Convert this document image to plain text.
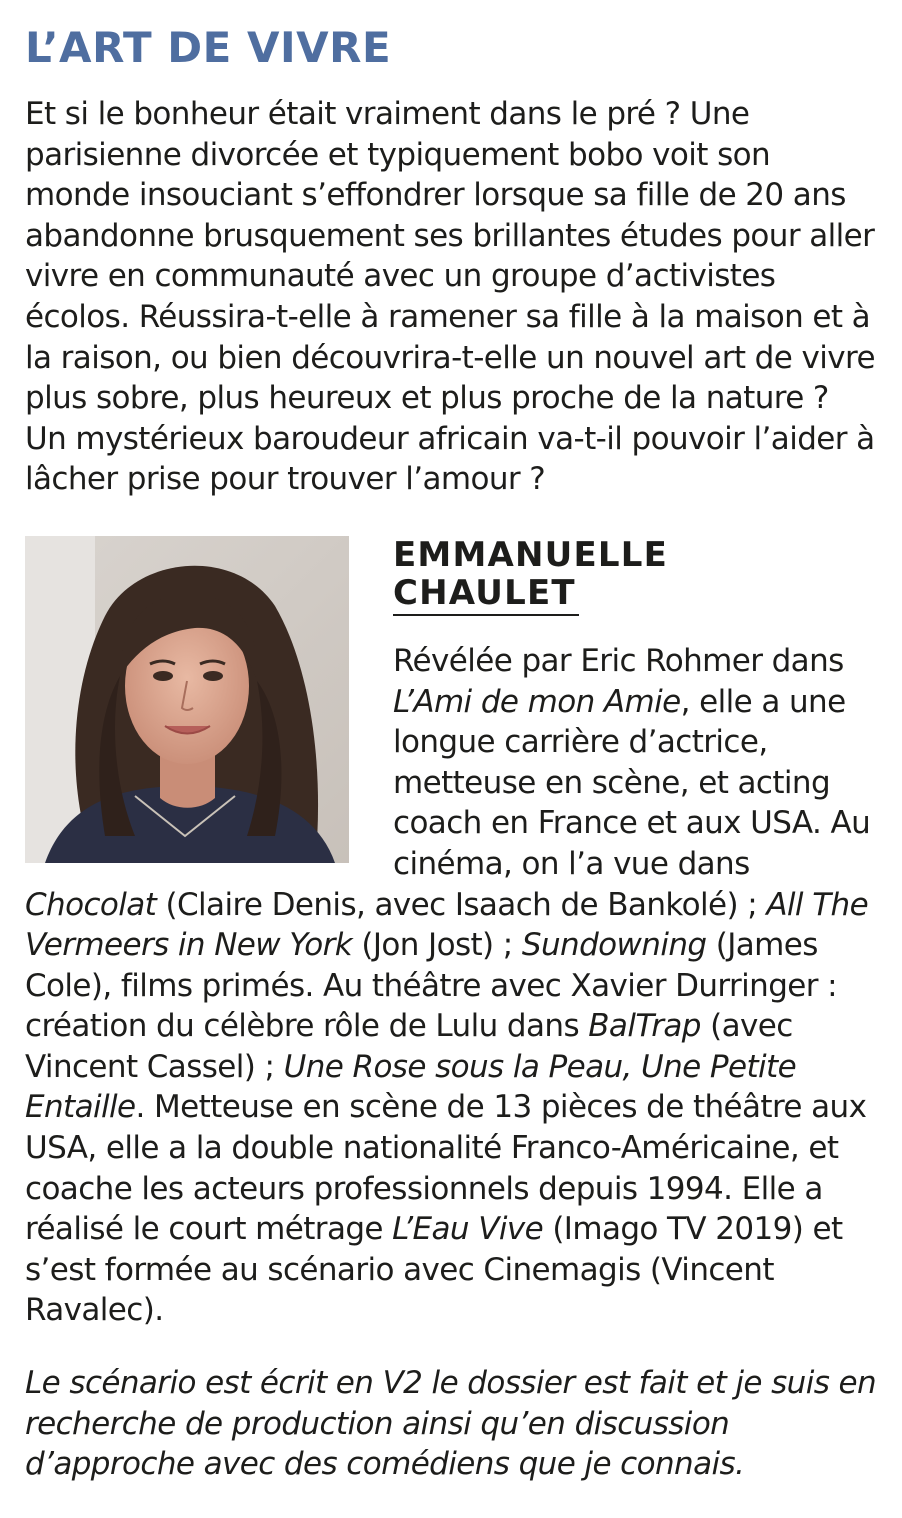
L’ART DE VIVRE

Et si le bonheur était vraiment dans le pré ? Une parisienne divorcée et typiquement bobo voit son monde insouciant s’effondrer lorsque sa fille de 20 ans abandonne brusquement ses brillantes études pour aller vivre en communauté avec un groupe d’activistes écolos. Réussira-t-elle à ramener sa fille à la maison et à la raison, ou bien découvrira-t-elle un nouvel art de vivre plus sobre, plus heureux et plus proche de la nature ? Un mystérieux baroudeur africain va-t-il pouvoir l’aider à lâcher prise pour trouver l’amour ?

EMMANUELLE
CHAULET

Révélée par Eric Rohmer dans L’Ami de mon Amie, elle a une longue carrière d’actrice, metteuse en scène, et acting coach en France et aux USA. Au cinéma, on l’a vue dans Chocolat (Claire Denis, avec Isaach de Bankolé) ; All The Vermeers in New York (Jon Jost) ; Sundowning (James Cole), films primés. Au théâtre avec Xavier Durringer : création du célèbre rôle de Lulu dans BalTrap (avec Vincent Cassel) ; Une Rose sous la Peau, Une Petite Entaille. Metteuse en scène de 13 pièces de théâtre aux USA, elle a la double nationalité Franco-Américaine, et coache les acteurs professionnels depuis 1994. Elle a réalisé le court métrage L’Eau Vive (Imago TV 2019) et s’est formée au scénario avec Cinemagis (Vincent Ravalec).

Le scénario est écrit en V2 le dossier est fait et je suis en recherche de production ainsi qu’en discussion d’approche avec des comédiens que je connais.
